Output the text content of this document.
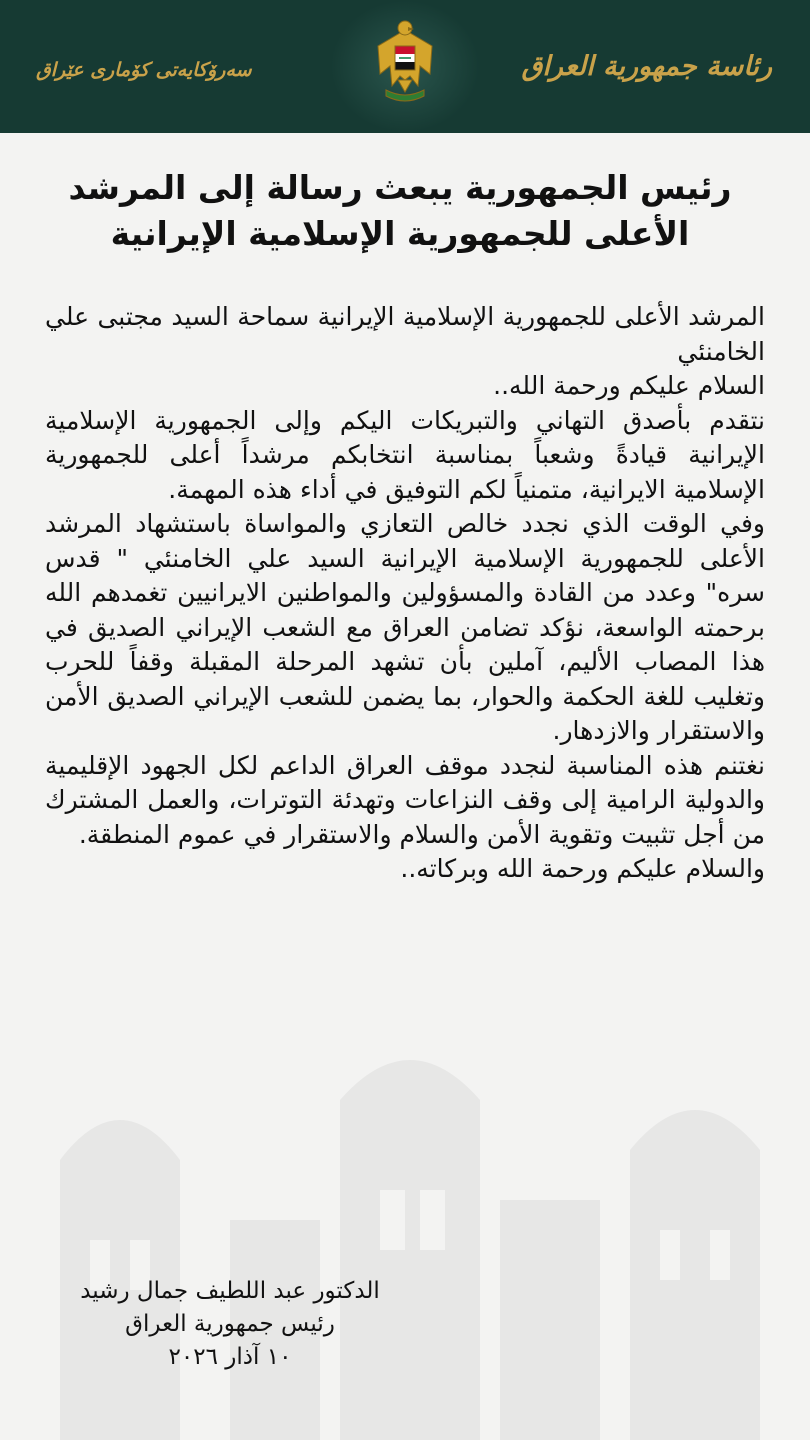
سەرۆکایەتی کۆماری عێراق	رئاسة جمهورية العراق
رئيس الجمهورية يبعث رسالة إلى المرشد
الأعلى للجمهورية الإسلامية الإيرانية

المرشد الأعلى للجمهورية الإسلامية الإيرانية سماحة السيد مجتبى علي الخامنئي

السلام عليكم ورحمة الله..

نتقدم بأصدق التهاني والتبريكات اليكم وإلى الجمهورية الإسلامية الإيرانية قيادةً وشعباً بمناسبة انتخابكم مرشداً أعلى للجمهورية الإسلامية الايرانية، متمنياً لكم التوفيق في أداء هذه المهمة.

وفي الوقت الذي نجدد خالص التعازي والمواساة باستشهاد المرشد الأعلى للجمهورية الإسلامية الإيرانية السيد علي الخامنئي " قدس سره" وعدد من القادة والمسؤولين والمواطنين الايرانيين تغمدهم الله برحمته الواسعة، نؤكد تضامن العراق مع الشعب الإيراني الصديق في هذا المصاب الأليم، آملين بأن تشهد المرحلة المقبلة وقفاً للحرب وتغليب للغة الحكمة والحوار، بما يضمن للشعب الإيراني الصديق الأمن والاستقرار والازدهار.

نغتنم هذه المناسبة لنجدد موقف العراق الداعم لكل الجهود الإقليمية والدولية الرامية إلى وقف النزاعات وتهدئة التوترات، والعمل المشترك من أجل تثبيت وتقوية الأمن والسلام والاستقرار في عموم المنطقة.

والسلام عليكم ورحمة الله وبركاته..

الدكتور عبد اللطيف جمال رشيد
رئيس جمهورية العراق
١٠ آذار ٢٠٢٦
